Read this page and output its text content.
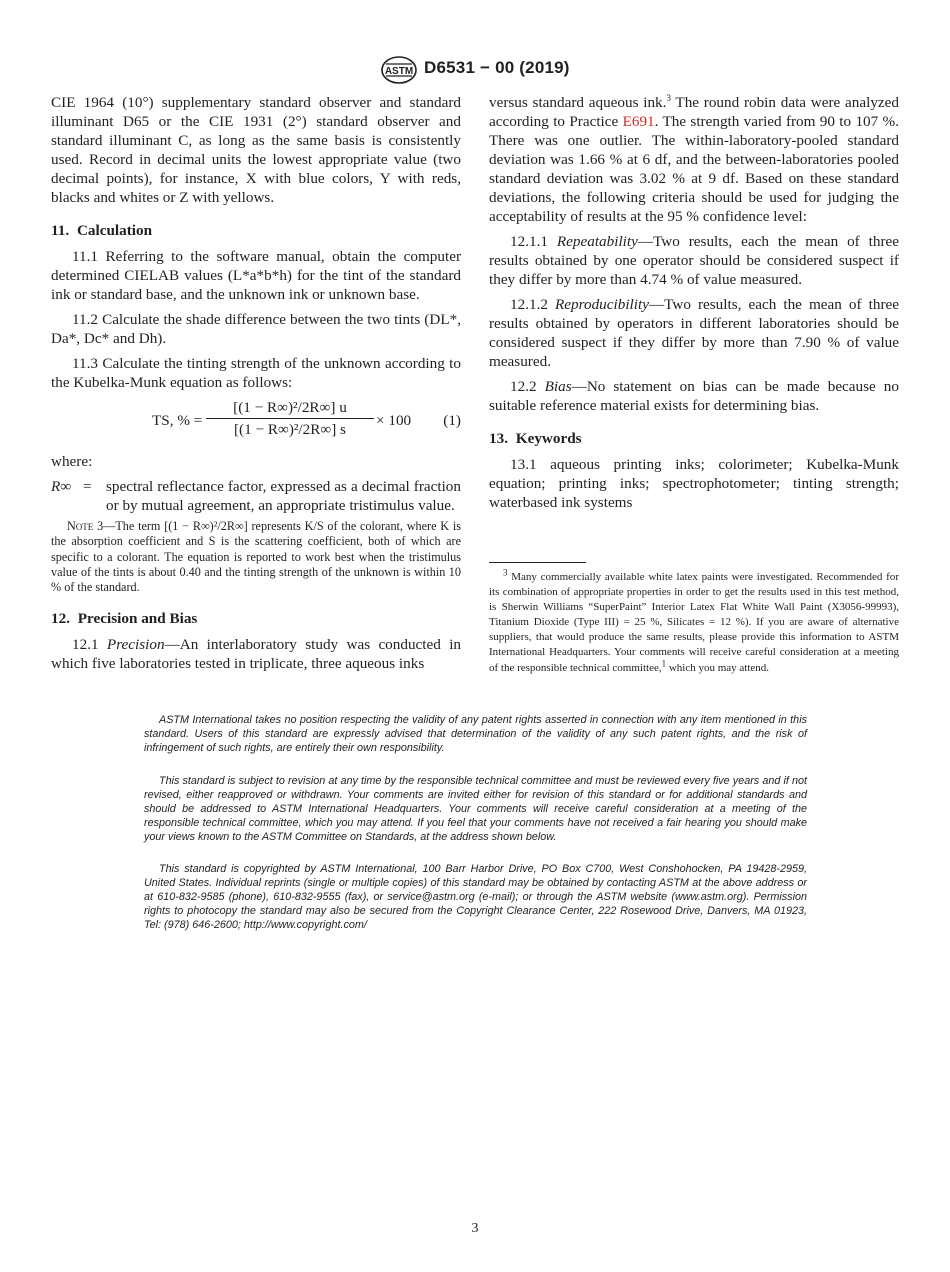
ASTM D6531 − 00 (2019)

CIE 1964 (10°) supplementary standard observer and standard illuminant D65 or the CIE 1931 (2°) standard observer and standard illuminant C, as long as the same basis is consistently used. Record in decimal units the lowest appropriate value (two decimal points), for instance, X with blue colors, Y with reds, blacks and whites or Z with yellows.

11. Calculation

11.1 Referring to the software manual, obtain the computer determined CIELAB values (L*a*b*h) for the tint of the standard ink or standard base, and the unknown ink or unknown base.

11.2 Calculate the shade difference between the two tints (DL*, Da*, Dc* and Dh).

11.3 Calculate the tinting strength of the unknown according to the Kubelka-Munk equation as follows:

TS, % =
[(1 − R∞)²/2R∞] u
[(1 − R∞)²/2R∞] s
× 100 (1)

where:

R∞ = spectral reflectance factor, expressed as a decimal fraction or by mutual agreement, an appropriate tristimulus value.

Note 3—The term [(1 − R∞)²/2R∞] represents K/S of the colorant, where K is the absorption coefficient and S is the scattering coefficient, both of which are specific to a colorant. The equation is reported to work best when the tristimulus value of the tints is about 0.40 and the tinting strength of the unknown is within 10 % of the standard.

12. Precision and Bias

12.1 Precision—An interlaboratory study was conducted in which five laboratories tested in triplicate, three aqueous inks

versus standard aqueous ink.$^3$ The round robin data were analyzed according to Practice E691. The strength varied from 90 to 107 %. There was one outlier. The within-laboratory-pooled standard deviation was 1.66 % at 6 df, and the between-laboratories pooled standard deviation was 3.02 % at 9 df. Based on these standard deviations, the following criteria should be used for judging the acceptability of results at the 95 % confidence level:

12.1.1 Repeatability—Two results, each the mean of three results obtained by one operator should be considered suspect if they differ by more than 4.74 % of value measured.

12.1.2 Reproducibility—Two results, each the mean of three results obtained by operators in different laboratories should be considered suspect if they differ by more than 7.90 % of value measured.

12.2 Bias—No statement on bias can be made because no suitable reference material exists for determining bias.

13. Keywords

13.1 aqueous printing inks; colorimeter; Kubelka-Munk equation; printing inks; spectrophotometer; tinting strength; waterbased ink systems

$^3$ Many commercially available white latex paints were investigated. Recommended for its combination of appropriate properties in order to get the results used in this test method, is Sherwin Williams “SuperPaint” Interior Latex Flat White Wall Paint (X3056-99993), Titanium Dioxide (Type III) = 25 %, Silicates = 12 %). If you are aware of alternative suppliers, that would produce the same results, please provide this information to ASTM International Headquarters. Your comments will receive careful consideration at a meeting of the responsible technical committee,$^1$ which you may attend.
ASTM International takes no position respecting the validity of any patent rights asserted in connection with any item mentioned in this standard. Users of this standard are expressly advised that determination of the validity of any such patent rights, and the risk of infringement of such rights, are entirely their own responsibility.
This standard is subject to revision at any time by the responsible technical committee and must be reviewed every five years and if not revised, either reapproved or withdrawn. Your comments are invited either for revision of this standard or for additional standards and should be addressed to ASTM International Headquarters. Your comments will receive careful consideration at a meeting of the responsible technical committee, which you may attend. If you feel that your comments have not received a fair hearing you should make your views known to the ASTM Committee on Standards, at the address shown below.
This standard is copyrighted by ASTM International, 100 Barr Harbor Drive, PO Box C700, West Conshohocken, PA 19428-2959, United States. Individual reprints (single or multiple copies) of this standard may be obtained by contacting ASTM at the above address or at 610-832-9585 (phone), 610-832-9555 (fax), or service@astm.org (e-mail); or through the ASTM website (www.astm.org). Permission rights to photocopy the standard may also be secured from the Copyright Clearance Center, 222 Rosewood Drive, Danvers, MA 01923, Tel: (978) 646-2600; http://www.copyright.com/
3
